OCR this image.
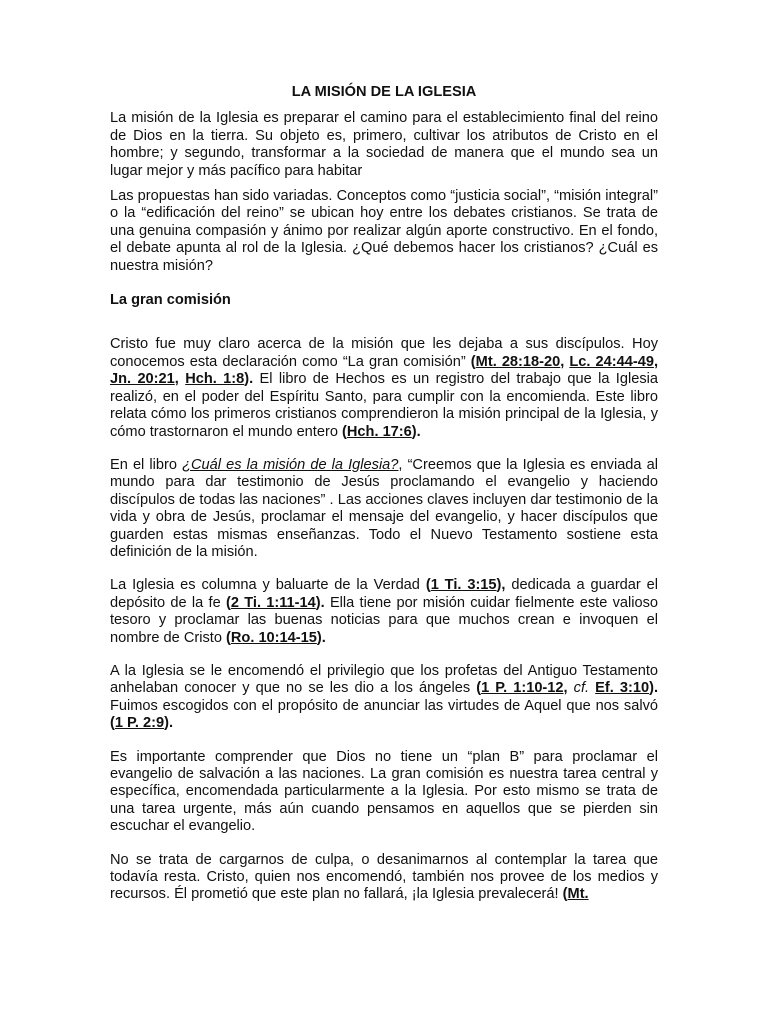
LA MISIÓN DE LA IGLESIA

La misión de la Iglesia es preparar el camino para el establecimiento final del reino de Dios en la tierra. Su objeto es, primero, cultivar los atributos de Cristo en el hombre; y segundo, transformar a la sociedad de manera que el mundo sea un lugar mejor y más pacífico para habitar

Las propuestas han sido variadas. Conceptos como “justicia social”, “misión integral” o la “edificación del reino” se ubican hoy entre los debates cristianos. Se trata de una genuina compasión y ánimo por realizar algún aporte constructivo. En el fondo, el debate apunta al rol de la Iglesia. ¿Qué debemos hacer los cristianos? ¿Cuál es nuestra misión?

La gran comisión

Cristo fue muy claro acerca de la misión que les dejaba a sus discípulos. Hoy conocemos esta declaración como “La gran comisión” (Mt. 28:18-20, Lc. 24:44-49, Jn. 20:21, Hch. 1:8). El libro de Hechos es un registro del trabajo que la Iglesia realizó, en el poder del Espíritu Santo, para cumplir con la encomienda. Este libro relata cómo los primeros cristianos comprendieron la misión principal de la Iglesia, y cómo trastornaron el mundo entero (Hch. 17:6).

En el libro ¿Cuál es la misión de la Iglesia?, “Creemos que la Iglesia es enviada al mundo para dar testimonio de Jesús proclamando el evangelio y haciendo discípulos de todas las naciones” . Las acciones claves incluyen dar testimonio de la vida y obra de Jesús, proclamar el mensaje del evangelio, y hacer discípulos que guarden estas mismas enseñanzas. Todo el Nuevo Testamento sostiene esta definición de la misión.

La Iglesia es columna y baluarte de la Verdad (1 Ti. 3:15), dedicada a guardar el depósito de la fe (2 Ti. 1:11-14). Ella tiene por misión cuidar fielmente este valioso tesoro y proclamar las buenas noticias para que muchos crean e invoquen el nombre de Cristo (Ro. 10:14-15).

A la Iglesia se le encomendó el privilegio que los profetas del Antiguo Testamento anhelaban conocer y que no se les dio a los ángeles (1 P. 1:10-12, cf. Ef. 3:10). Fuimos escogidos con el propósito de anunciar las virtudes de Aquel que nos salvó (1 P. 2:9).

Es importante comprender que Dios no tiene un “plan B” para proclamar el evangelio de salvación a las naciones. La gran comisión es nuestra tarea central y específica, encomendada particularmente a la Iglesia. Por esto mismo se trata de una tarea urgente, más aún cuando pensamos en aquellos que se pierden sin escuchar el evangelio.

No se trata de cargarnos de culpa, o desanimarnos al contemplar la tarea que todavía resta. Cristo, quien nos encomendó, también nos provee de los medios y recursos. Él prometió que este plan no fallará, ¡la Iglesia prevalecerá! (Mt.
